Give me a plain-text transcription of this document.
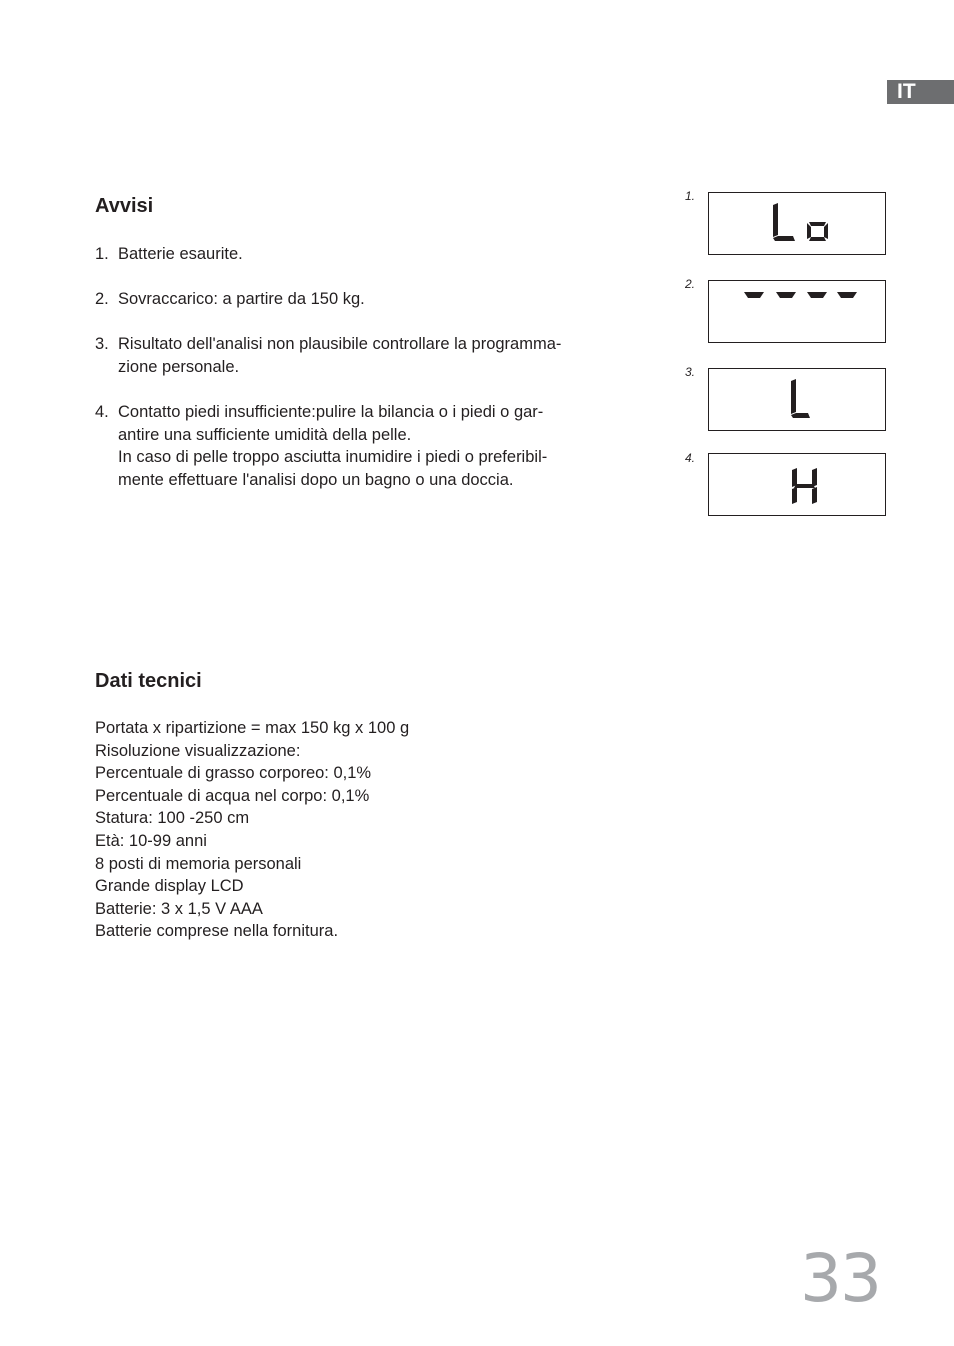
IT
Avvisi
1. Batterie esaurite.
2. Sovraccarico: a partire da 150 kg.
3. Risultato dell'analisi non plausibile controllare la programma-
zione personale.
4. Contatto piedi insufficiente:pulire la bilancia o i piedi o gar-
antire una sufficiente umidità della pelle.
In caso di pelle troppo asciutta inumidire i piedi o preferibil-
mente effettuare l'analisi dopo un bagno o una doccia.
1.
2.
3.
4.
Dati tecnici
Portata x ripartizione = max 150 kg x 100 g
Risoluzione visualizzazione:
Percentuale di grasso corporeo: 0,1%
Percentuale di acqua nel corpo: 0,1%
Statura: 100 -250 cm
Età: 10-99 anni
8 posti di memoria personali
Grande display LCD
Batterie: 3 x 1,5 V AAA
Batterie comprese nella fornitura.
33
